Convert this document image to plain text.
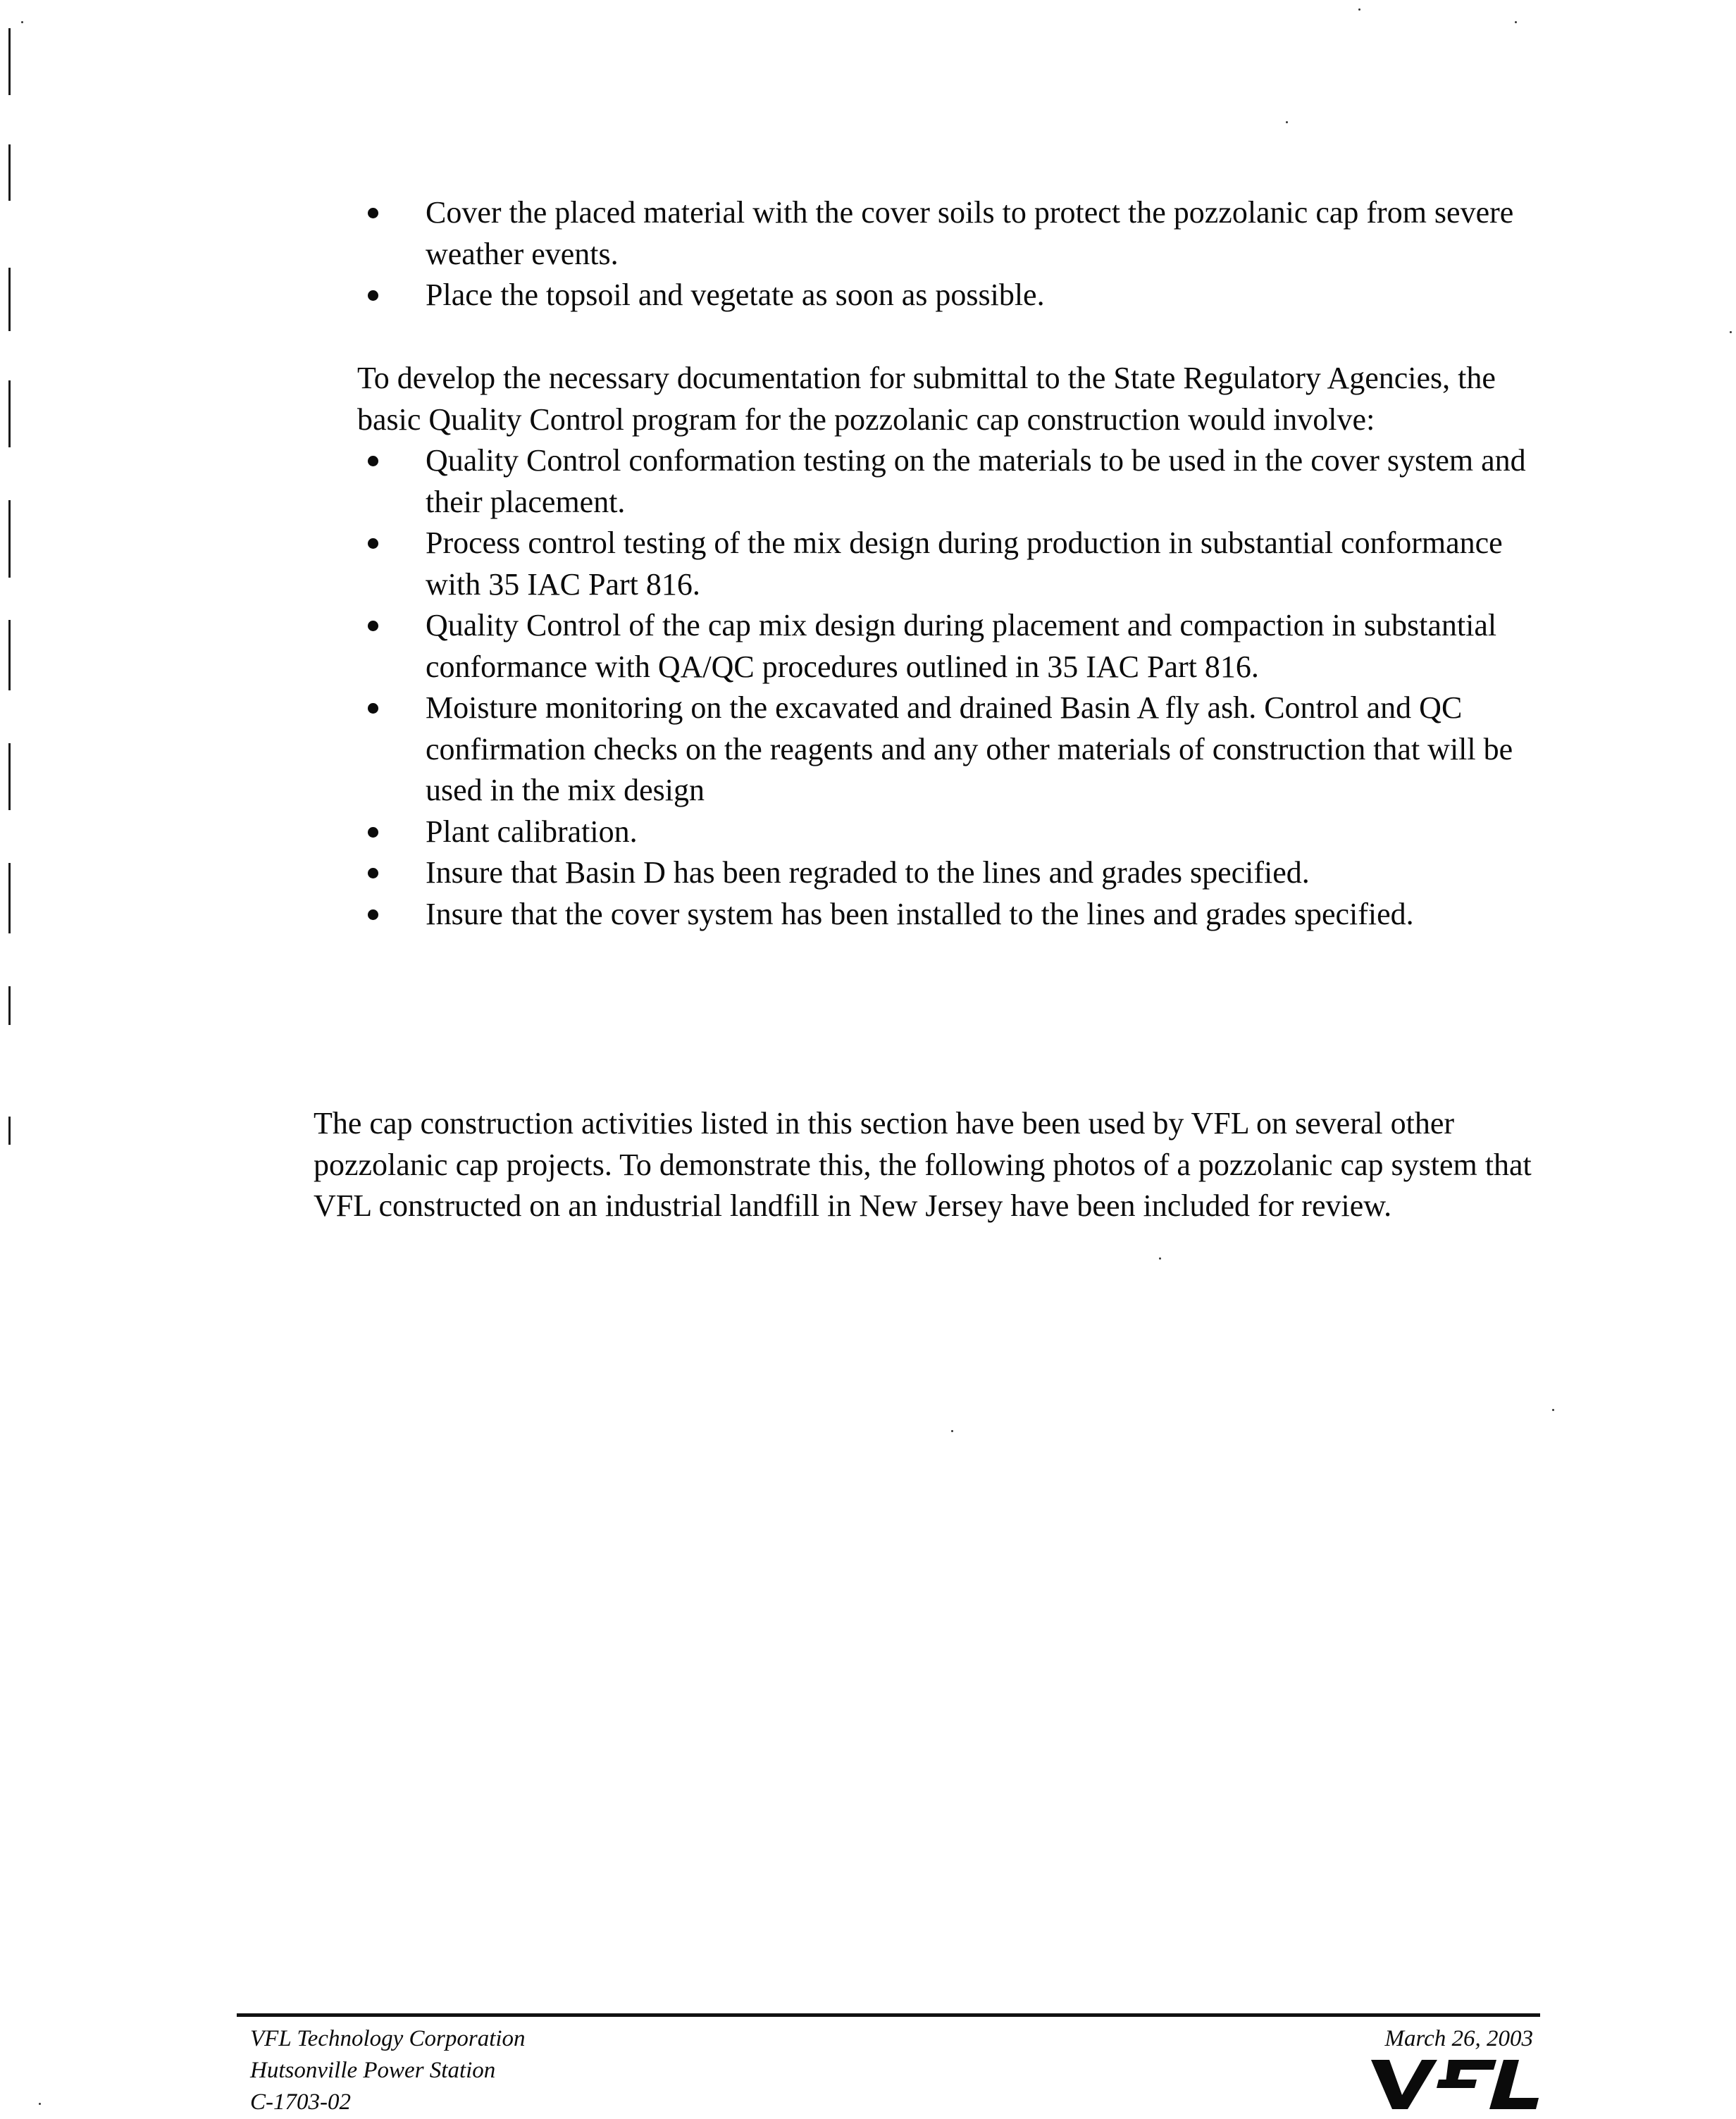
Cover the placed material with the cover soils to protect the pozzolanic cap from severe weather events.
Place the topsoil and vegetate as soon as possible.

To develop the necessary documentation for submittal to the State Regulatory Agencies, the basic Quality Control program for the pozzolanic cap construction would involve:

Quality Control conformation testing on the materials to be used in the cover system and their placement.
Process control testing of the mix design during production in substantial conformance with 35 IAC Part 816.
Quality Control of the cap mix design during placement and compaction in substantial conformance with QA/QC procedures outlined in 35 IAC Part 816.
Moisture monitoring on the excavated and drained Basin A fly ash. Control and QC confirmation checks on the reagents and any other materials of construction that will be used in the mix design
Plant calibration.
Insure that Basin D has been regraded to the lines and grades specified.
Insure that the cover system has been installed to the lines and grades specified.

The cap construction activities listed in this section have been used by VFL on several other pozzolanic cap projects. To demonstrate this, the following photos of a pozzolanic cap system that VFL constructed on an industrial landfill in New Jersey have been included for review.

VFL Technology Corporation
Hutsonville Power Station
C-1703-02
March 26, 2003
